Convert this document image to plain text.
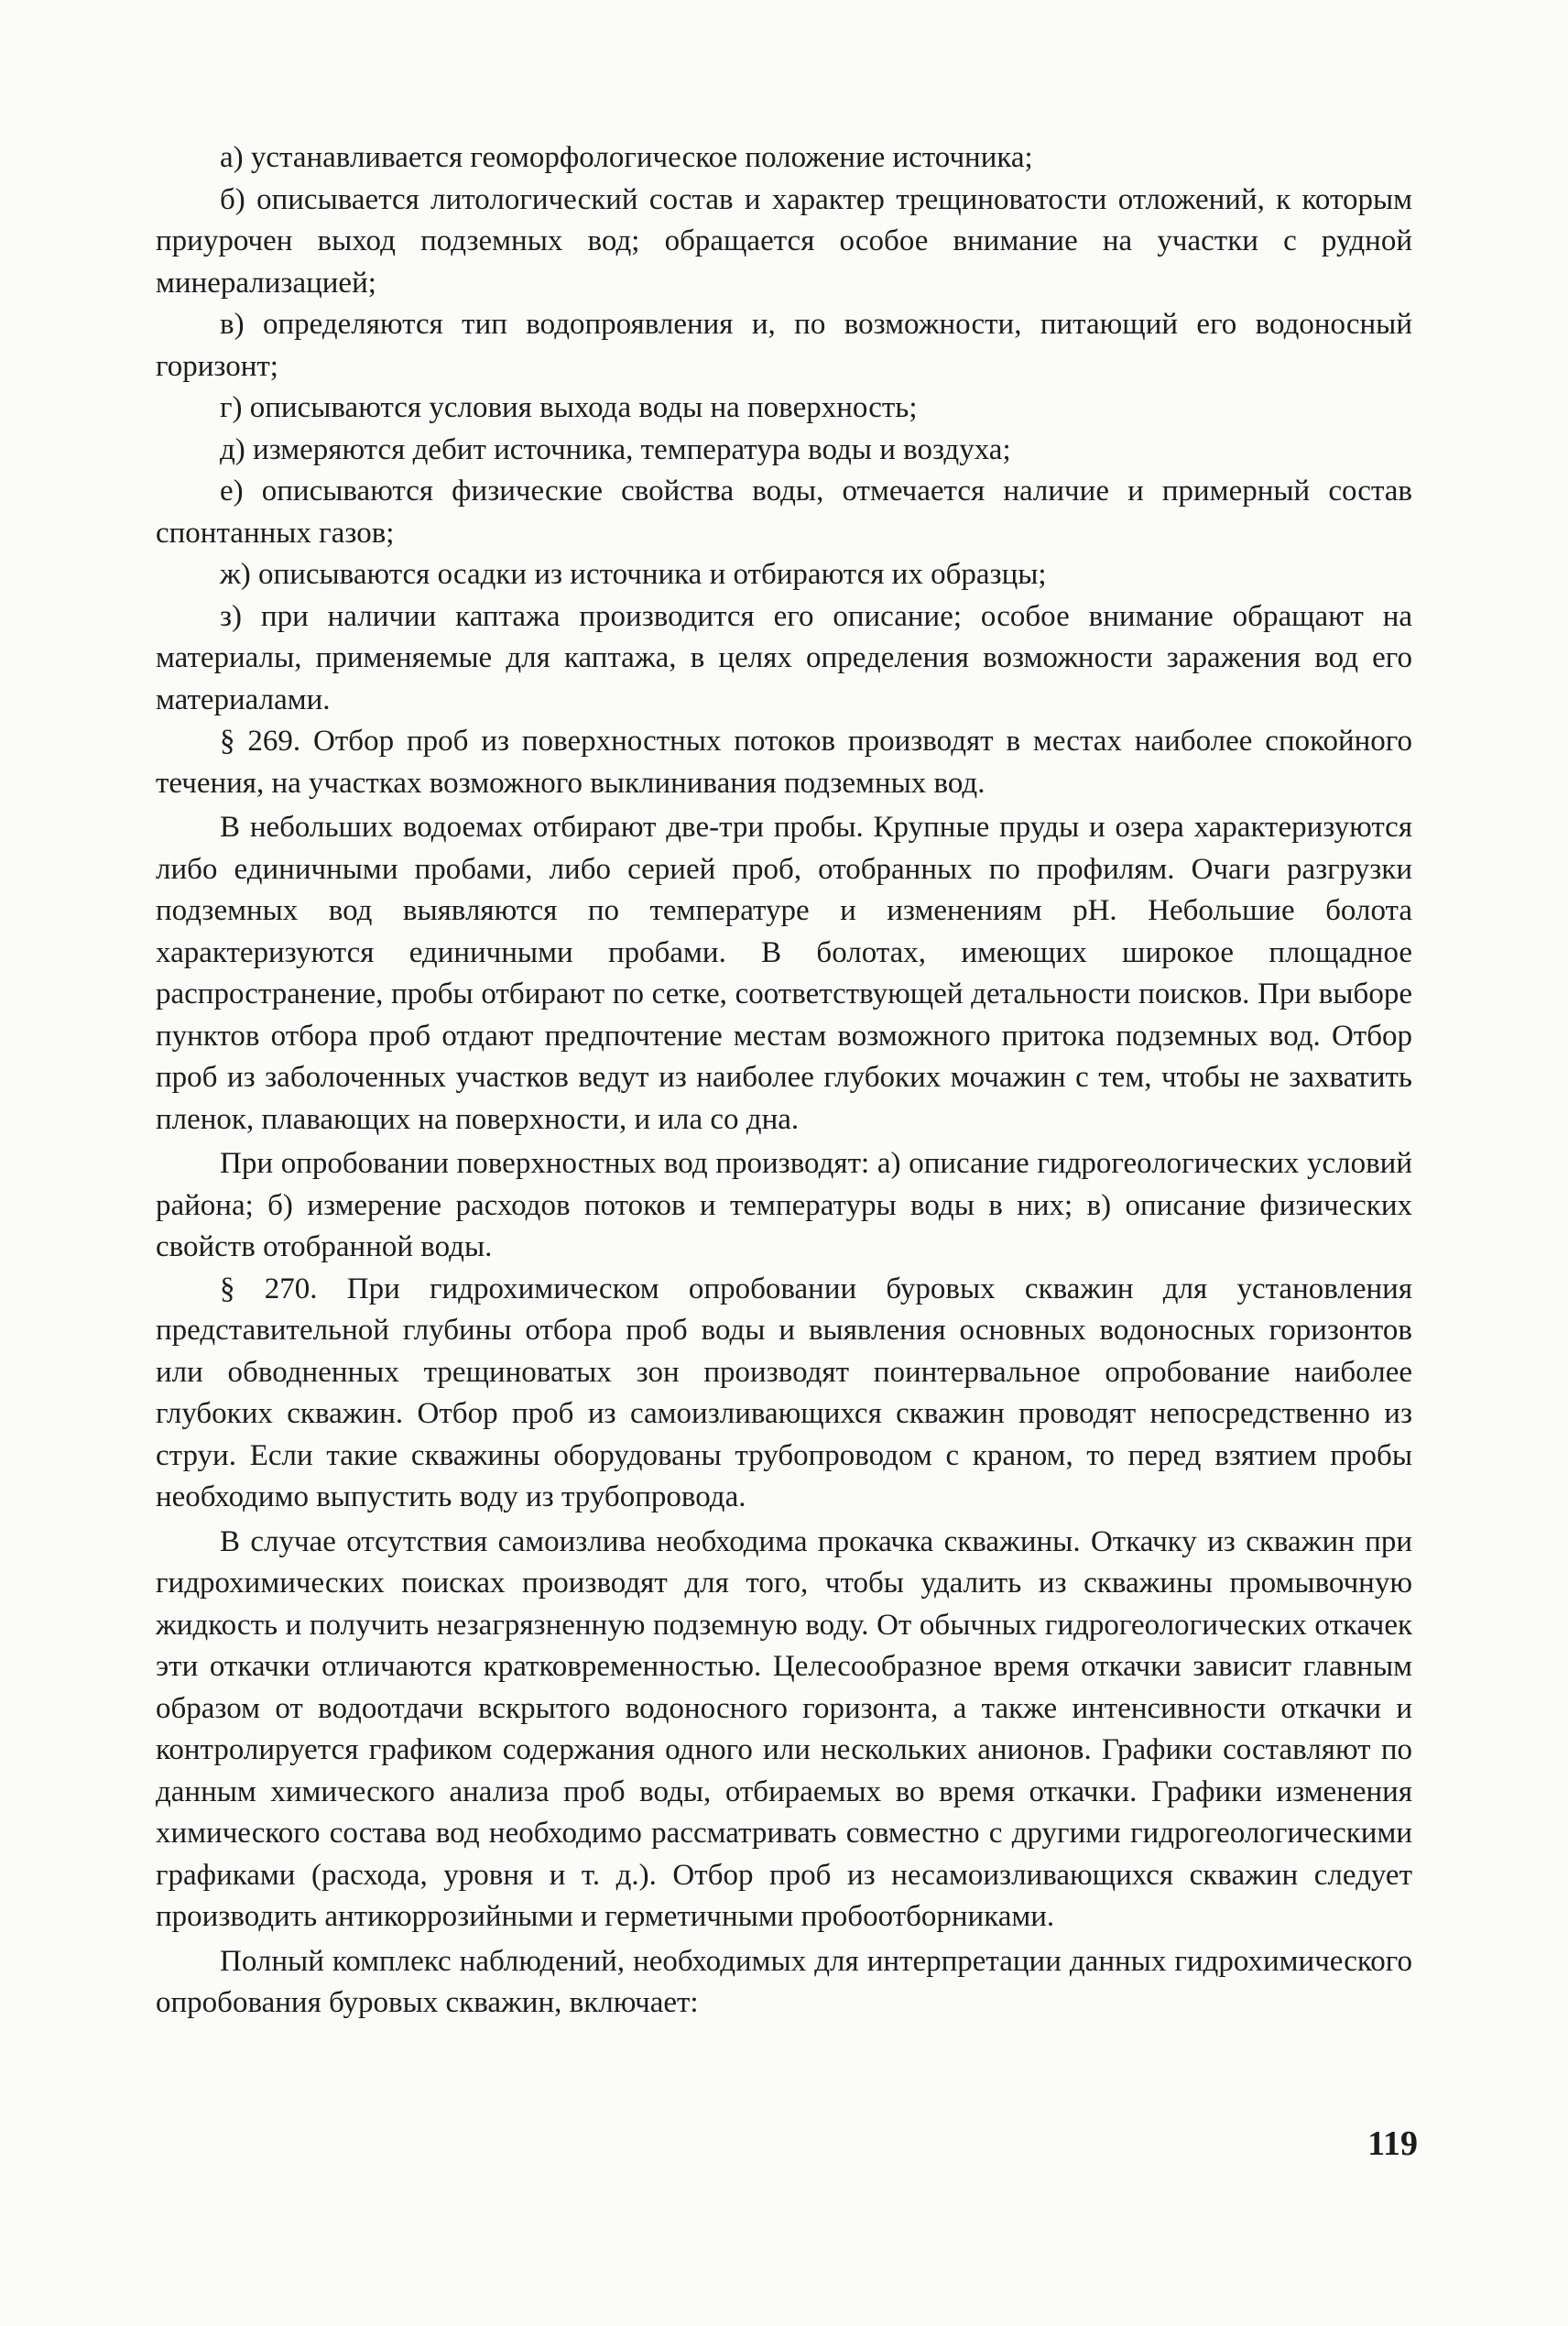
а) устанавливается геоморфологическое положение источника;

б) описывается литологический состав и характер трещиноватости отложений, к которым приурочен выход подземных вод; обращается особое внимание на участки с рудной минерализацией;

в) определяются тип водопроявления и, по возможности, питающий его водоносный горизонт;

г) описываются условия выхода воды на поверхность;

д) измеряются дебит источника, температура воды и воздуха;

е) описываются физические свойства воды, отмечается наличие и примерный состав спонтанных газов;

ж) описываются осадки из источника и отбираются их образцы;

з) при наличии каптажа производится его описание; особое внимание обращают на материалы, применяемые для каптажа, в целях определения возможности заражения вод его материалами.

§ 269. Отбор проб из поверхностных потоков производят в местах наиболее спокойного течения, на участках возможного выклинивания подземных вод.

В небольших водоемах отбирают две-три пробы. Крупные пруды и озера характеризуются либо единичными пробами, либо серией проб, отобранных по профилям. Очаги разгрузки подземных вод выявляются по температуре и изменениям pH. Небольшие болота характеризуются единичными пробами. В болотах, имеющих широкое площадное распространение, пробы отбирают по сетке, соответствующей детальности поисков. При выборе пунктов отбора проб отдают предпочтение местам возможного притока подземных вод. Отбор проб из заболоченных участков ведут из наиболее глубоких мочажин с тем, чтобы не захватить пленок, плавающих на поверхности, и ила со дна.

При опробовании поверхностных вод производят: а) описание гидрогеологических условий района; б) измерение расходов потоков и температуры воды в них; в) описание физических свойств отобранной воды.

§ 270. При гидрохимическом опробовании буровых скважин для установления представительной глубины отбора проб воды и выявления основных водоносных горизонтов или обводненных трещиноватых зон производят поинтервальное опробование наиболее глубоких скважин. Отбор проб из самоизливающихся скважин проводят непосредственно из струи. Если такие скважины оборудованы трубопроводом с краном, то перед взятием пробы необходимо выпустить воду из трубопровода.

В случае отсутствия самоизлива необходима прокачка скважины. Откачку из скважин при гидрохимических поисках производят для того, чтобы удалить из скважины промывочную жидкость и получить незагрязненную подземную воду. От обычных гидрогеологических откачек эти откачки отличаются кратковременностью. Целесообразное время откачки зависит главным образом от водоотдачи вскрытого водоносного горизонта, а также интенсивности откачки и контролируется графиком содержания одного или нескольких анионов. Графики составляют по данным химического анализа проб воды, отбираемых во время откачки. Графики изменения химического состава вод необходимо рассматривать совместно с другими гидрогеологическими графиками (расхода, уровня и т. д.). Отбор проб из несамоизливающихся скважин следует производить антикоррозийными и герметичными пробоотборниками.

Полный комплекс наблюдений, необходимых для интерпретации данных гидрохимического опробования буровых скважин, включает:

119
